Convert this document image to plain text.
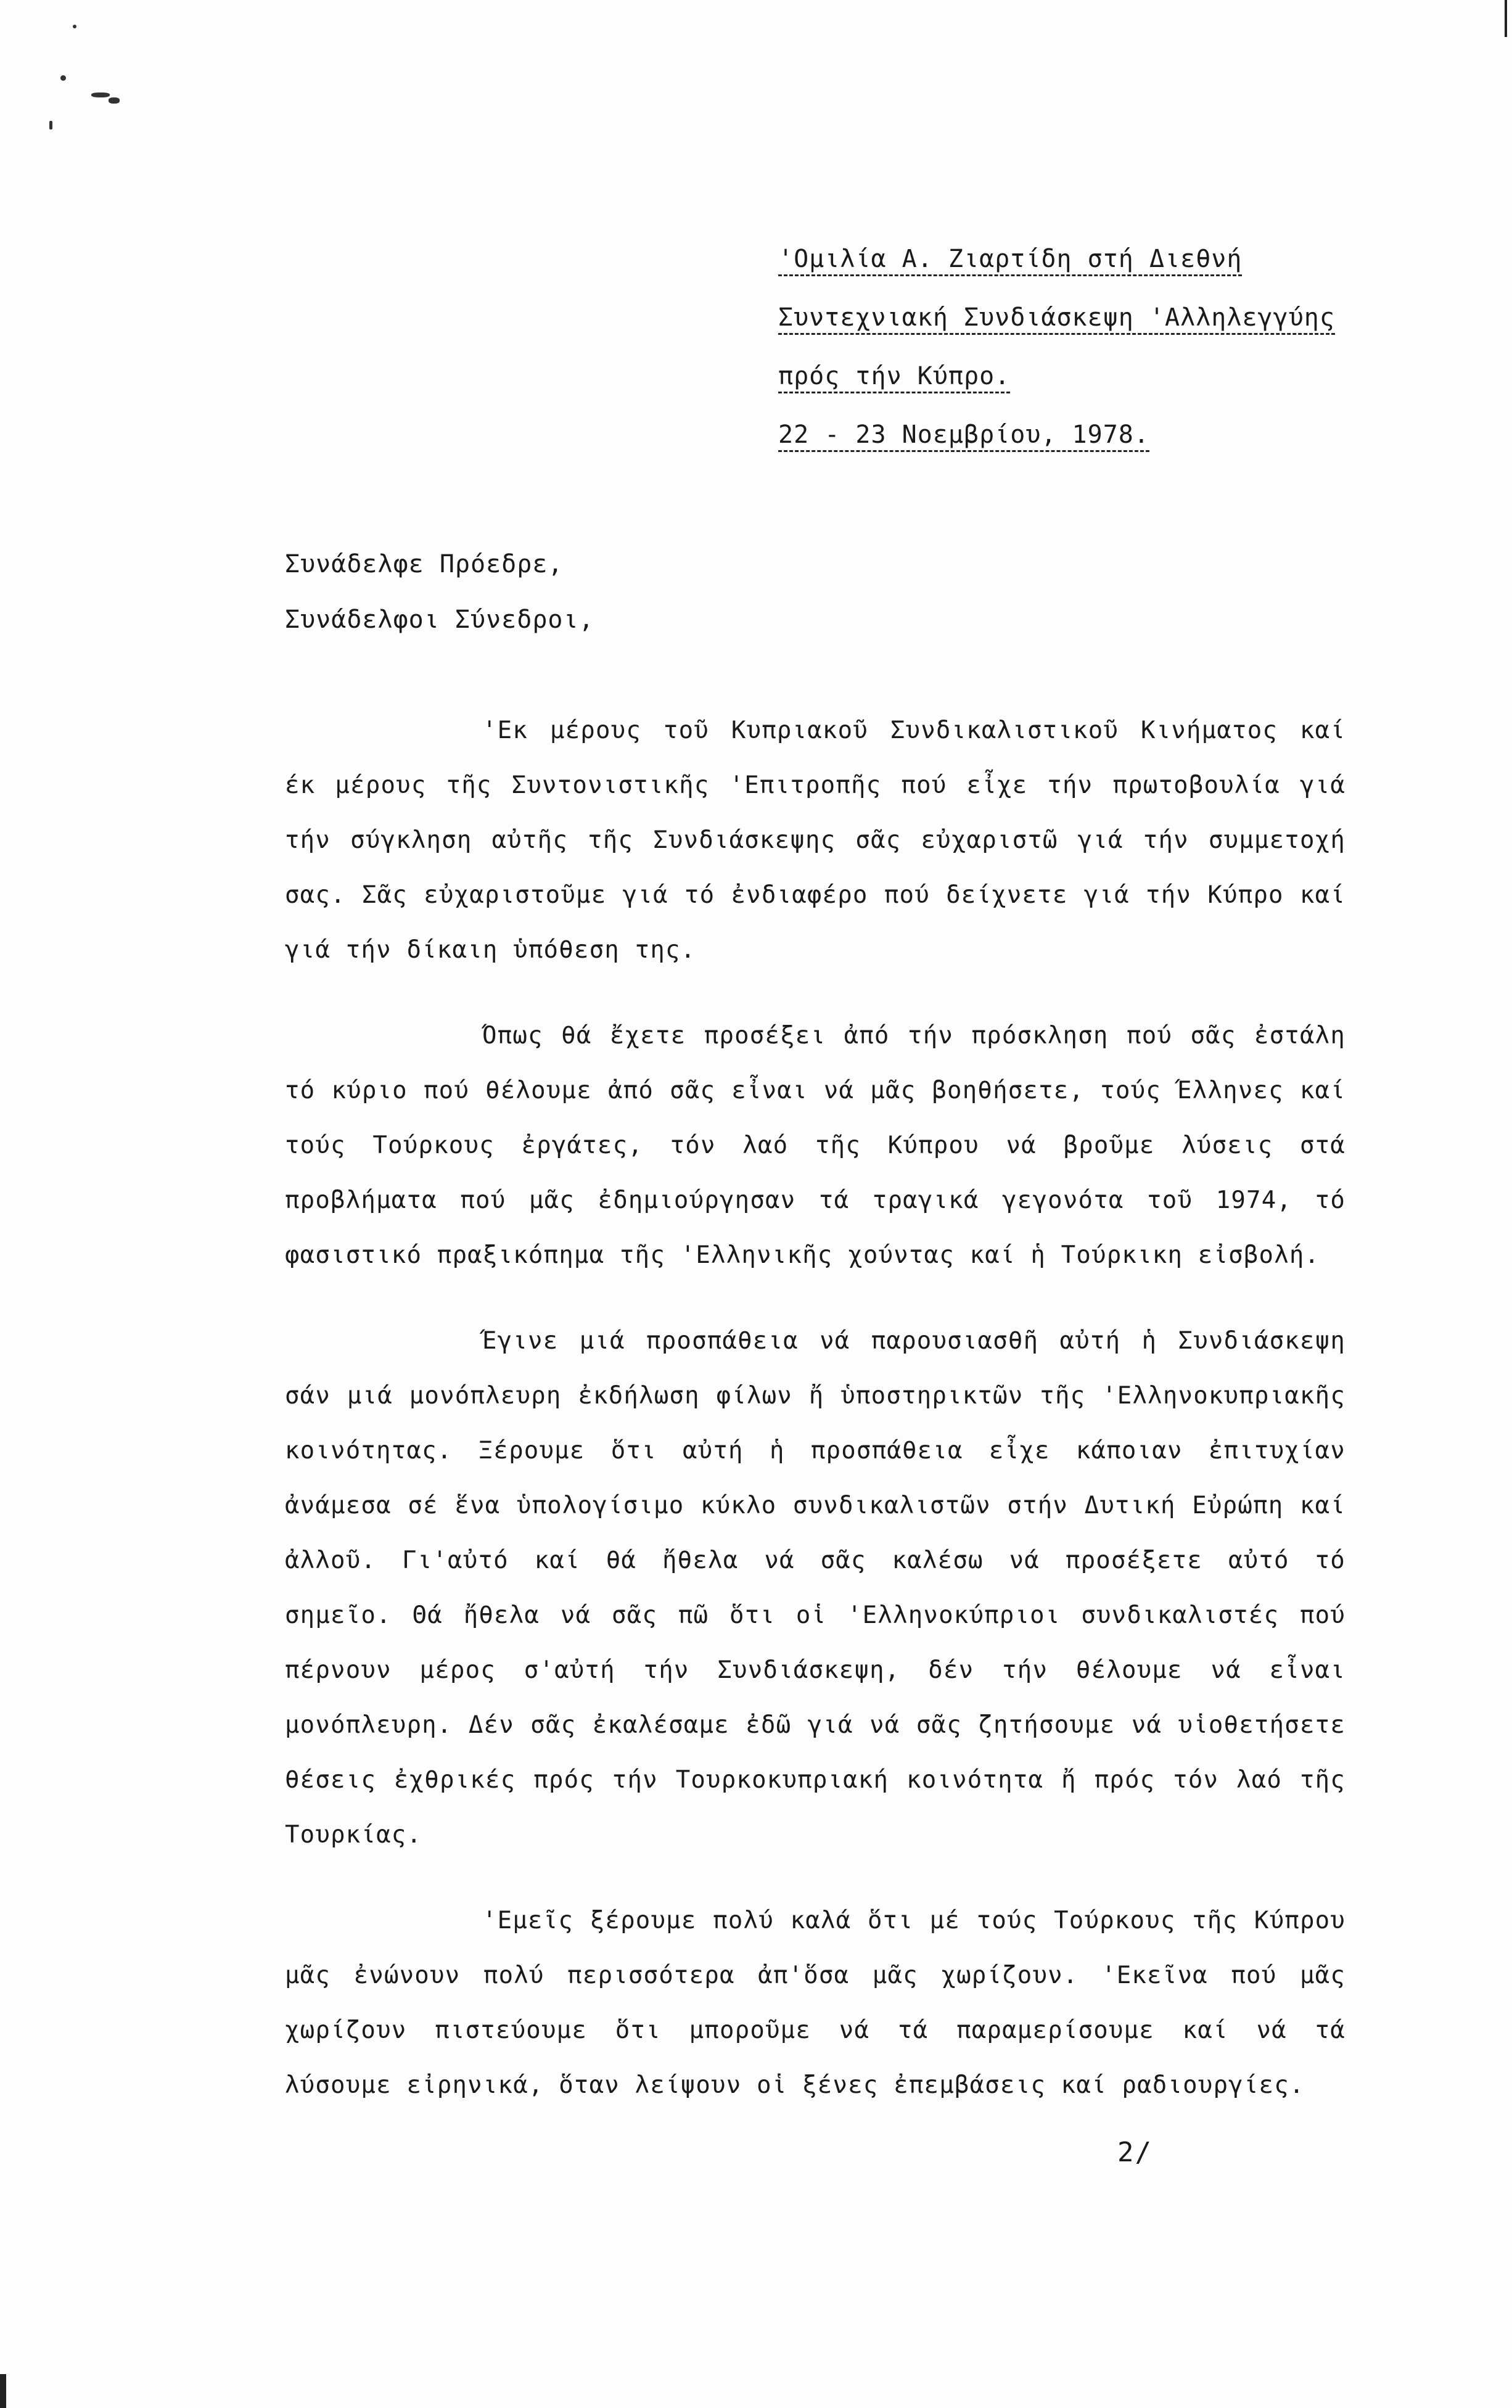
'Ομιλία Α. Ζιαρτίδη στή Διεθνή
Συντεχνιακή Συνδιάσκεψη 'Αλληλεγγύης
πρός τήν Κύπρο.
22 - 23 Νοεμβρίου, 1978.
Συνάδελφε Πρόεδρε,
Συνάδελφοι Σύνεδροι,

'Εκ μέρους τοῦ Κυπριακοῦ Συνδικαλιστικοῦ Κινήματος καί έκ μέρους τῆς Συντονιστικῆς 'Επιτροπῆς πού εἶχε τήν πρωτοβουλία γιά τήν σύγκληση αὐτῆς τῆς Συνδιάσκεψης σᾶς εὐχαριστῶ γιά τήν συμμετοχή σας. Σᾶς εὐχαριστοῦμε γιά τό ἐνδιαφέρο πού δείχνετε γιά τήν Κύπρο καί γιά τήν δίκαιη ὑπόθεση της.

Όπως θά ἔχετε προσέξει ἀπό τήν πρόσκληση πού σᾶς ἐστάλη τό κύριο πού θέλουμε ἀπό σᾶς εἶναι νά μᾶς βοηθήσετε, τούς Έλληνες καί τούς Τούρκους ἐργάτες, τόν λαό τῆς Κύπρου νά βροῦμε λύσεις στά προβλήματα πού μᾶς ἐδημιούργησαν τά τραγικά γεγονότα τοῦ 1974, τό φασιστικό πραξικόπημα τῆς 'Ελληνικῆς χούντας καί ἡ Τούρκικη εἰσβολή.

Έγινε μιά προσπάθεια νά παρουσιασθῆ αὐτή ἡ Συνδιάσκεψη σάν μιά μονόπλευρη ἐκδήλωση φίλων ἤ ὑποστηρικτῶν τῆς 'Ελληνοκυπριακῆς κοινότητας. Ξέρουμε ὅτι αὐτή ἡ προσπάθεια εἶχε κάποιαν ἐπιτυχίαν ἀνάμεσα σέ ἕνα ὑπολογίσιμο κύκλο συνδικαλιστῶν στήν Δυτική Εὐρώπη καί ἀλλοῦ. Γι'αὐτό καί θά ἤθελα νά σᾶς καλέσω νά προσέξετε αὐτό τό σημεῖο. Θά ἤθελα νά σᾶς πῶ ὅτι οἱ 'Ελληνοκύπριοι συνδικαλιστές πού πέρνουν μέρος σ'αὐτή τήν Συνδιάσκεψη, δέν τήν θέλουμε νά εἶναι μονόπλευρη. Δέν σᾶς ἐκαλέσαμε ἐδῶ γιά νά σᾶς ζητήσουμε νά υἱοθετήσετε θέσεις ἐχθρικές πρός τήν Τουρκοκυπριακή κοινότητα ἤ πρός τόν λαό τῆς Τουρκίας.

'Εμεῖς ξέρουμε πολύ καλά ὅτι μέ τούς Τούρκους τῆς Κύπρου μᾶς ἐνώνουν πολύ περισσότερα ἀπ'ὅσα μᾶς χωρίζουν. 'Εκεῖνα πού μᾶς χωρίζουν πιστεύουμε ὅτι μποροῦμε νά τά παραμερίσουμε καί νά τά λύσουμε εἰρηνικά, ὅταν λείψουν οἱ ξένες ἐπεμβάσεις καί ραδιουργίες.

2/
